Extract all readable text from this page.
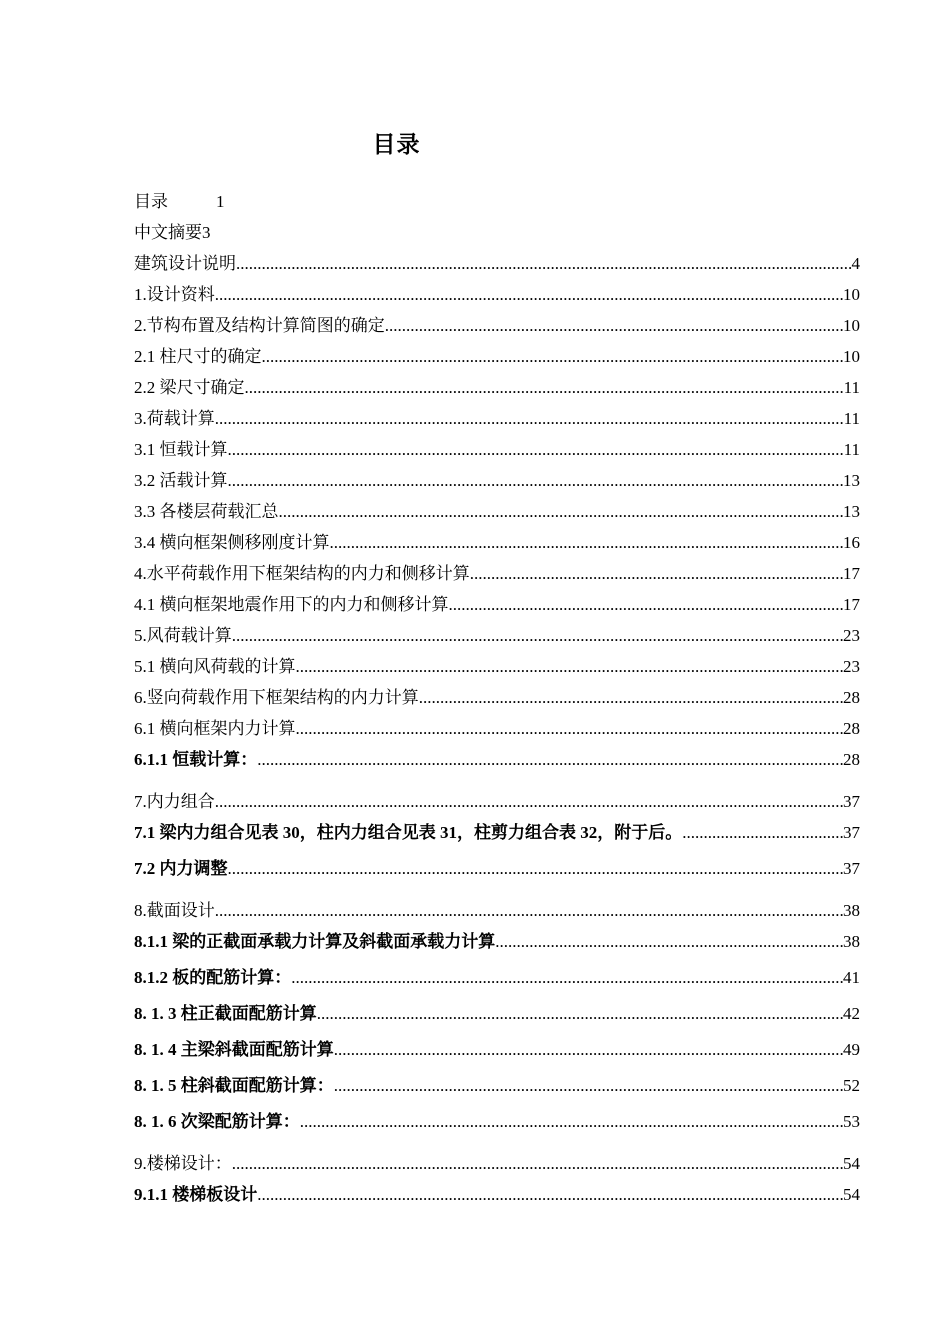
目录
目录	1
中文摘要 3
建筑设计说明 .....	4
1.设计资料 .....	10
2.节构布置及结构计算简图的确定 .....	10
2.1 柱尺寸的确定 .....	10
2.2 梁尺寸确定 .....	11
3.荷载计算 .....	11
3.1 恒载计算 .....	11
3.2 活载计算 .....	13
3.3 各楼层荷载汇总 .....	13
3.4 横向框架侧移刚度计算 .....	16
4.水平荷载作用下框架结构的内力和侧移计算 .....	17
4.1 横向框架地震作用下的内力和侧移计算 .....	17
5.风荷载计算 .....	23
5.1 横向风荷载的计算 .....	23
6.竖向荷载作用下框架结构的内力计算 .....	28
6.1 横向框架内力计算 .....	28
6.1.1 恒载计算： .....	28
7.内力组合 .....	37
7.1 梁内力组合见表 30，柱内力组合见表 31，柱剪力组合表 32，附于后。 .....	37
7.2 内力调整 .....	37
8.截面设计 .....	38
8.1.1 梁的正截面承载力计算及斜截面承载力计算 .....	38
8.1.2 板的配筋计算： .....	41
8. 1. 3 柱正截面配筋计算 .....	42
8. 1. 4 主梁斜截面配筋计算 .....	49
8. 1. 5 柱斜截面配筋计算： .....	52
8. 1. 6 次梁配筋计算： .....	53
9.楼梯设计： .....	54
9.1.1 楼梯板设计 .....	54
